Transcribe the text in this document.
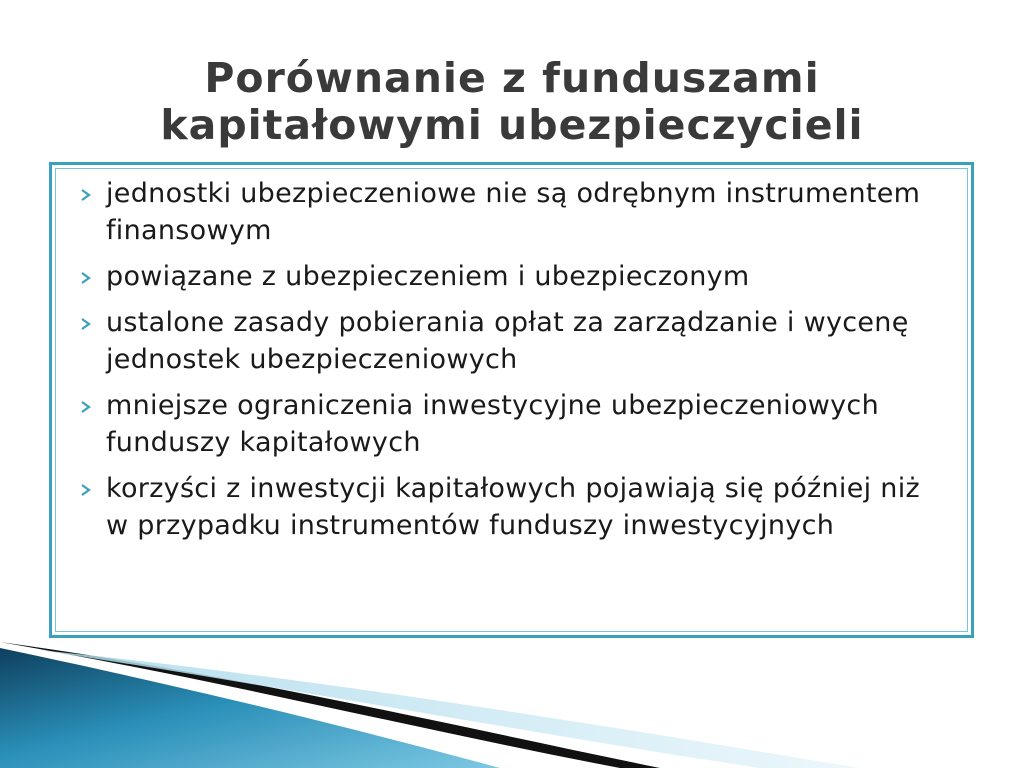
Porównanie z funduszami
kapitałowymi ubezpieczycieli
jednostki ubezpieczeniowe nie są odrębnym instrumentem finansowym
powiązane z ubezpieczeniem i ubezpieczonym
ustalone zasady pobierania opłat za zarządzanie i wycenę jednostek ubezpieczeniowych
mniejsze ograniczenia inwestycyjne ubezpieczeniowych funduszy kapitałowych
korzyści z inwestycji kapitałowych pojawiają się później niż w przypadku instrumentów funduszy inwestycyjnych
